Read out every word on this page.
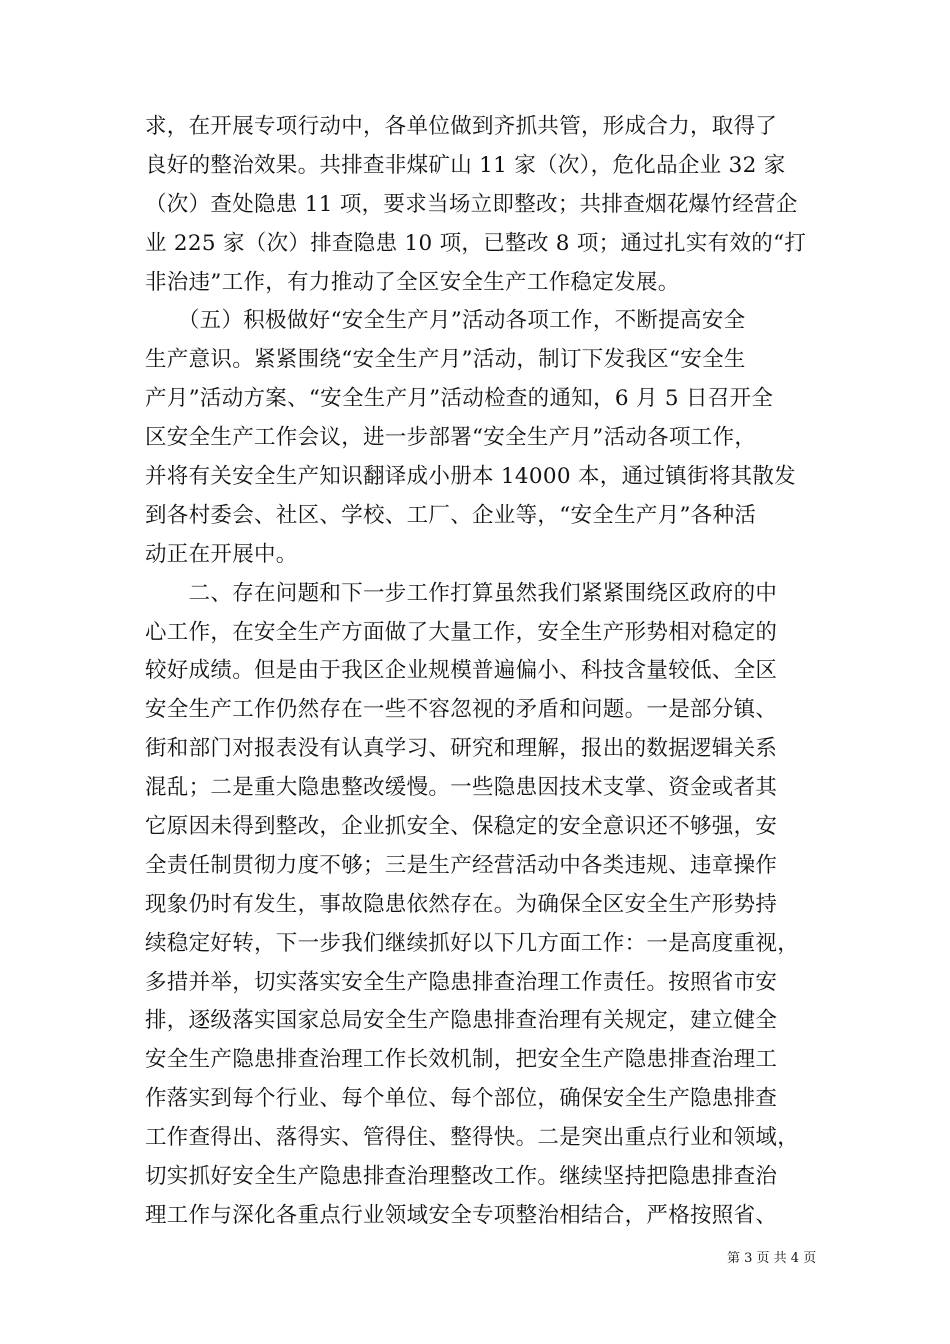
求，在开展专项行动中，各单位做到齐抓共管，形成合力，取得了
良好的整治效果。共排查非煤矿山 11 家（次），危化品企业 32 家
（次）查处隐患 11 项，要求当场立即整改；共排查烟花爆竹经营企
业 225 家（次）排查隐患 10 项，已整改 8 项；通过扎实有效的“打
非治违”工作，有力推动了全区安全生产工作稳定发展。
　　（五）积极做好“安全生产月”活动各项工作，不断提高安全
生产意识。紧紧围绕“安全生产月”活动，制订下发我区“安全生
产月”活动方案、“安全生产月”活动检查的通知，6 月 5 日召开全
区安全生产工作会议，进一步部署“安全生产月”活动各项工作，
并将有关安全生产知识翻译成小册本 14000 本，通过镇街将其散发
到各村委会、社区、学校、工厂、企业等，“安全生产月”各种活
动正在开展中。
　　二、存在问题和下一步工作打算虽然我们紧紧围绕区政府的中
心工作，在安全生产方面做了大量工作，安全生产形势相对稳定的
较好成绩。但是由于我区企业规模普遍偏小、科技含量较低、全区
安全生产工作仍然存在一些不容忽视的矛盾和问题。一是部分镇、
街和部门对报表没有认真学习、研究和理解，报出的数据逻辑关系
混乱；二是重大隐患整改缓慢。一些隐患因技术支掌、资金或者其
它原因未得到整改，企业抓安全、保稳定的安全意识还不够强，安
全责任制贯彻力度不够；三是生产经营活动中各类违规、违章操作
现象仍时有发生，事故隐患依然存在。为确保全区安全生产形势持
续稳定好转，下一步我们继续抓好以下几方面工作：一是高度重视，
多措并举，切实落实安全生产隐患排查治理工作责任。按照省市安
排，逐级落实国家总局安全生产隐患排查治理有关规定，建立健全
安全生产隐患排查治理工作长效机制，把安全生产隐患排查治理工
作落实到每个行业、每个单位、每个部位，确保安全生产隐患排查
工作查得出、落得实、管得住、整得快。二是突出重点行业和领域，
切实抓好安全生产隐患排查治理整改工作。继续坚持把隐患排查治
理工作与深化各重点行业领域安全专项整治相结合，严格按照省、
第 3 页 共 4 页
